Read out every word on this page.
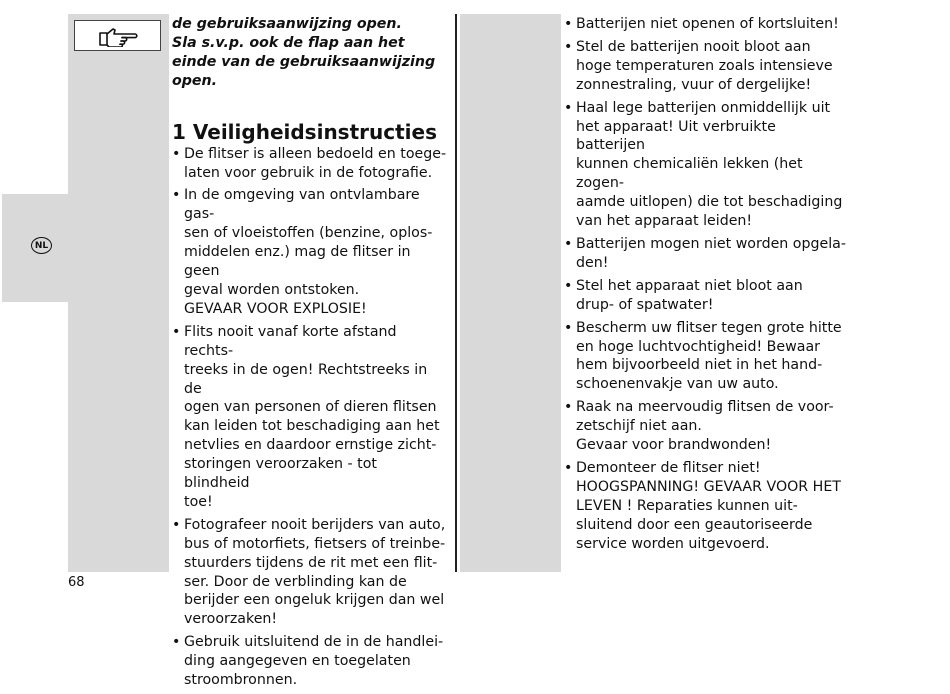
NL

de gebruiksaanwijzing open.

Sla s.v.p. ook de flap aan het einde van de gebruiksaanwijzing open.

1 Veiligheidsinstructies
• De flitser is alleen bedoeld en toege-
laten voor gebruik in de fotografie.
• In de omgeving van ontvlambare gas-
sen of vloeistoffen (benzine, oplos-
middelen enz.) mag de flitser in geen
geval worden ontstoken.
GEVAAR VOOR EXPLOSIE!
• Flits nooit vanaf korte afstand rechts-
treeks in de ogen! Rechtstreeks in de
ogen van personen of dieren flitsen
kan leiden tot beschadiging aan het
netvlies en daardoor ernstige zicht-
storingen veroorzaken - tot blindheid
toe!
• Fotografeer nooit berijders van auto,
bus of motorfiets, fietsers of treinbe-
stuurders tijdens de rit met een flit-
ser. Door de verblinding kan de
berijder een ongeluk krijgen dan wel
veroorzaken!
• Gebruik uitsluitend de in de handlei-
ding aangegeven en toegelaten
stroombronnen.
• Batterijen niet openen of kortsluiten!
• Stel de batterijen nooit bloot aan
hoge temperaturen zoals intensieve
zonnestraling, vuur of dergelijke!
• Haal lege batterijen onmiddellijk uit
het apparaat! Uit verbruikte batterijen
kunnen chemicaliën lekken (het
zogen-
aamde uitlopen) die tot beschadiging
van het apparaat leiden!
• Batterijen mogen niet worden opgela-
den!
• Stel het apparaat niet bloot aan
drup- of spatwater!
• Bescherm uw flitser tegen grote hitte
en hoge luchtvochtigheid! Bewaar
hem bijvoorbeeld niet in het hand-
schoenenvakje van uw auto.
• Raak na meervoudig flitsen de voor-
zetschijf niet aan.
Gevaar voor brandwonden!
• Demonteer de flitser niet!
HOOGSPANNING! GEVAAR VOOR HET
LEVEN ! Reparaties kunnen uit-
sluitend door een geautoriseerde
service worden uitgevoerd.
68
